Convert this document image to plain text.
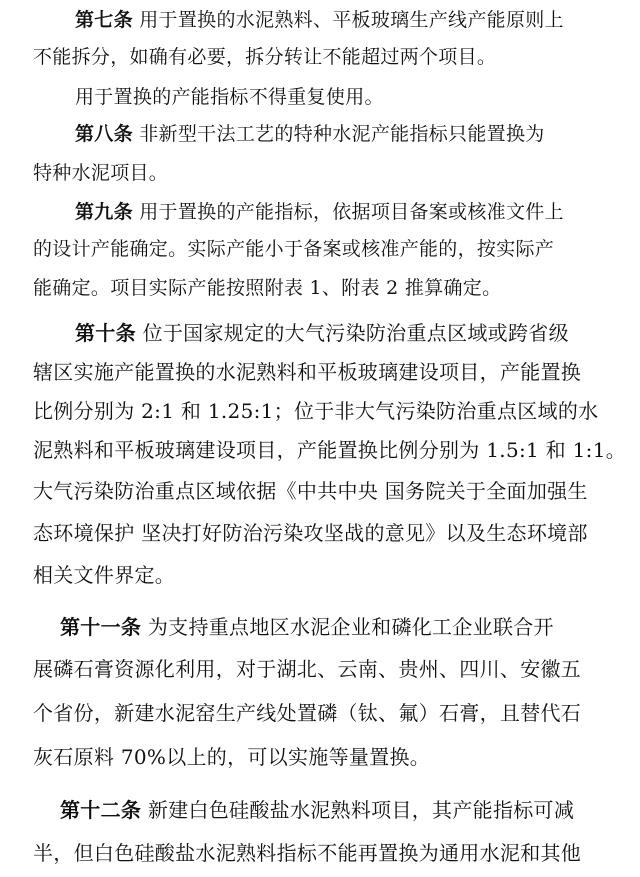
第七条 用于置换的水泥熟料、平板玻璃生产线产能原则上
不能拆分，如确有必要，拆分转让不能超过两个项目。
用于置换的产能指标不得重复使用。
第八条 非新型干法工艺的特种水泥产能指标只能置换为
特种水泥项目。
第九条 用于置换的产能指标，依据项目备案或核准文件上
的设计产能确定。实际产能小于备案或核准产能的，按实际产
能确定。项目实际产能按照附表 1、附表 2 推算确定。
第十条 位于国家规定的大气污染防治重点区域或跨省级
辖区实施产能置换的水泥熟料和平板玻璃建设项目，产能置换
比例分别为 2:1 和 1.25:1；位于非大气污染防治重点区域的水
泥熟料和平板玻璃建设项目，产能置换比例分别为 1.5:1 和 1:1。
大气污染防治重点区域依据《中共中央 国务院关于全面加强生
态环境保护 坚决打好防治污染攻坚战的意见》以及生态环境部
相关文件界定。
第十一条 为支持重点地区水泥企业和磷化工企业联合开
展磷石膏资源化利用，对于湖北、云南、贵州、四川、安徽五
个省份，新建水泥窑生产线处置磷（钛、氟）石膏，且替代石
灰石原料 70%以上的，可以实施等量置换。
第十二条 新建白色硅酸盐水泥熟料项目，其产能指标可减
半，但白色硅酸盐水泥熟料指标不能再置换为通用水泥和其他
